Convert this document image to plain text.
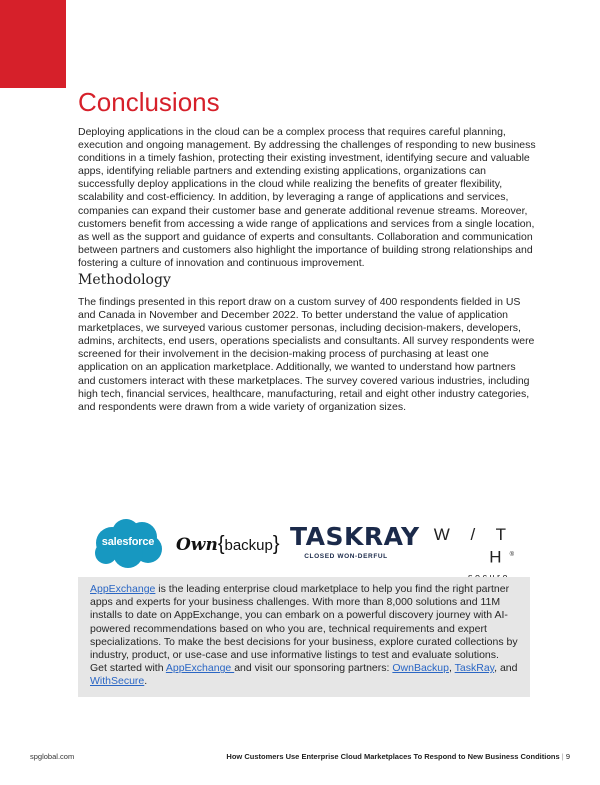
Conclusions

Deploying applications in the cloud can be a complex process that requires careful planning, execution and ongoing management. By addressing the challenges of responding to new business conditions in a timely fashion, protecting their existing investment, identifying secure and valuable apps, identifying reliable partners and extending existing applications, organizations can successfully deploy applications in the cloud while realizing the benefits of greater flexibility, scalability and cost-efficiency. In addition, by leveraging a range of applications and services, companies can expand their customer base and generate additional revenue streams. Moreover, customers benefit from accessing a wide range of applications and services from a single location, as well as the support and guidance of experts and consultants. Collaboration and communication between partners and customers also highlight the importance of building strong relationships and fostering a culture of innovation and continuous improvement.

Methodology

The findings presented in this report draw on a custom survey of 400 respondents fielded in US and Canada in November and December 2022. To better understand the value of application marketplaces, we surveyed various customer personas, including decision-makers, developers, admins, architects, end users, operations specialists and consultants. All survey respondents were screened for their involvement in the decision-making process of purchasing at least one application on an application marketplace. Additionally, we wanted to understand how partners and customers interact with these marketplaces. The survey covered various industries, including high tech, financial services, healthcare, manufacturing, retail and eight other industry categories, and respondents were drawn from a wide variety of organization sizes.

salesforce	Own{backup} TASKRAY
CLOSED WON-DERFUL
W / T H®

AppExchange is the leading enterprise cloud marketplace to help you find the right partner apps and experts for your business challenges. With more than 8,000 solutions and 11M installs to date on AppExchange, you can embark on a powerful discovery journey with AI-powered recommendations based on who you are, technical requirements and expert specializations. To make the best decisions for your business, explore curated collections by industry, product, or use-case and use informative listings to test and evaluate solutions. Get started with AppExchange and visit our sponsoring partners: OwnBackup, TaskRay, and WithSecure.

spglobal.com	How Customers Use Enterprise Cloud Marketplaces To Respond to New Business Conditions | 9
